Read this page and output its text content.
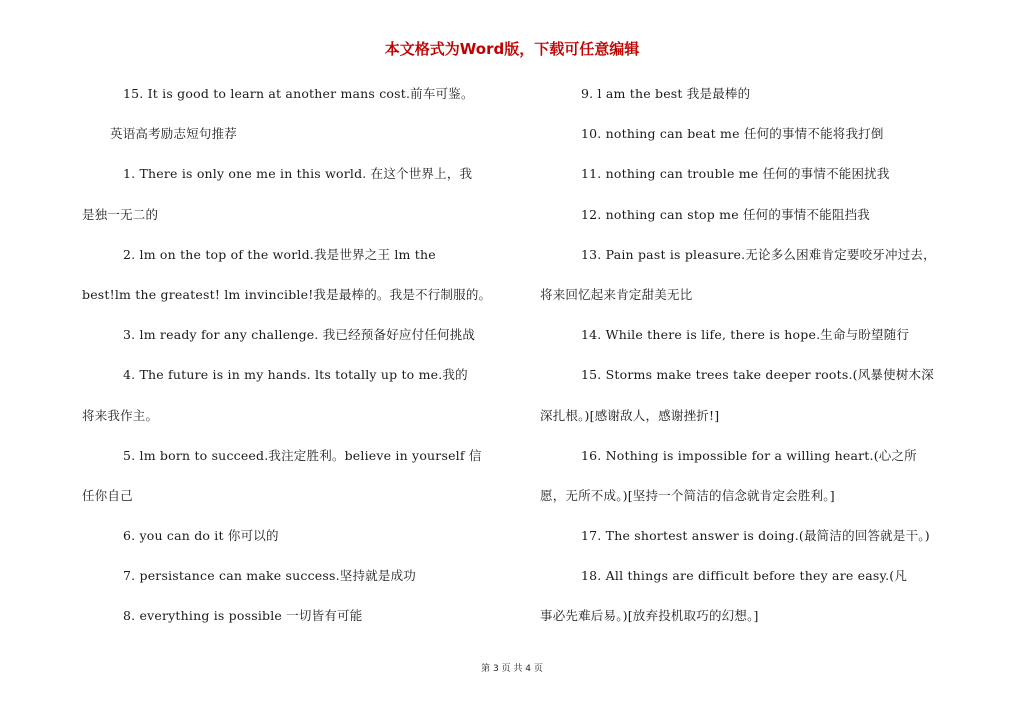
本文格式为Word版，下载可任意编辑
15. It is good to learn at another mans cost.前车可鉴。
英语高考励志短句推荐
1. There is only one me in this world. 在这个世界上，我
是独一无二的
2. lm on the top of the world.我是世界之王 lm the
best!lm the greatest! lm invincible!我是最棒的。我是不行制服的。
3. lm ready for any challenge. 我已经预备好应付任何挑战
4. The future is in my hands. lts totally up to me.我的
将来我作主。
5. lm born to succeed.我注定胜利。believe in yourself 信
任你自己
6. you can do it 你可以的
7. persistance can make success.坚持就是成功
8. everything is possible 一切皆有可能
9. l am the best 我是最棒的
10. nothing can beat me 任何的事情不能将我打倒
11. nothing can trouble me 任何的事情不能困扰我
12. nothing can stop me 任何的事情不能阻挡我
13. Pain past is pleasure.无论多么困难肯定要咬牙冲过去，
将来回忆起来肯定甜美无比
14. While there is life, there is hope.生命与盼望随行
15. Storms make trees take deeper roots.(风暴使树木深
深扎根。)[感谢敌人，感谢挫折!]
16. Nothing is impossible for a willing heart.(心之所
愿，无所不成。)[坚持一个简洁的信念就肯定会胜利。]
17. The shortest answer is doing.(最简洁的回答就是干。)
18. All things are difficult before they are easy.(凡
事必先难后易。)[放弃投机取巧的幻想。]
第 3 页 共 4 页
